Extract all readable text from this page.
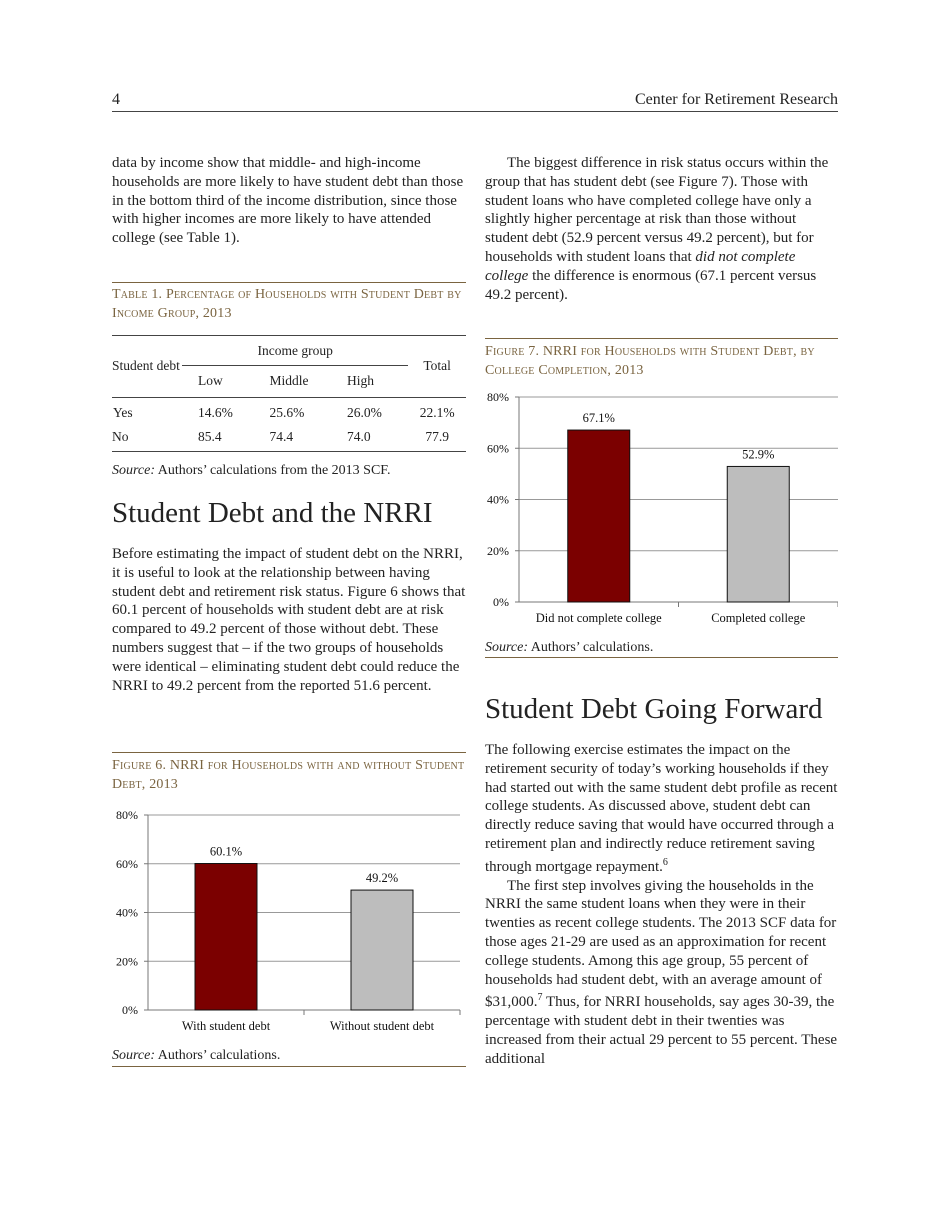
4	Center for Retirement Research

data by income show that middle- and high-income households are more likely to have student debt than those in the bottom third of the income distribution, since those with higher incomes are more likely to have attended college (see Table 1).

Table 1. Percentage of Households with Student Debt by Income Group, 2013
Student debt	Income group			Total
	Low	Middle	High	
Yes	14.6%	25.6%	26.0%	22.1%
No	85.4	74.4	74.0	77.9
Source: Authors’ calculations from the 2013 SCF.
Student Debt and the NRRI

Before estimating the impact of student debt on the NRRI, it is useful to look at the relationship between having student debt and retirement risk status. Figure 6 shows that 60.1 percent of households with student debt are at risk compared to 49.2 percent of those without debt. These numbers suggest that – if the two groups of households were identical – eliminating student debt could reduce the NRRI to 49.2 percent from the reported 51.6 percent.

Figure 6. NRRI for Households with and without Student Debt, 2013
0%
20%
40%
60%
80%
60.1%
With student debt
49.2%
Without student debt
Source: Authors’ calculations.

The biggest difference in risk status occurs within the group that has student debt (see Figure 7). Those with student loans who have completed college have only a slightly higher percentage at risk than those without student debt (52.9 percent versus 49.2 percent), but for households with student loans that did not complete college the difference is enormous (67.1 percent versus 49.2 percent).

Figure 7. NRRI for Households with Student Debt, by College Completion, 2013
0%
20%
40%
60%
80%
67.1%
Did not complete college
52.9%
Completed college
Source: Authors’ calculations.
Student Debt Going Forward

The following exercise estimates the impact on the retirement security of today’s working households if they had started out with the same student debt profile as recent college students. As discussed above, student debt can directly reduce saving that would have occurred through a retirement plan and indirectly reduce retirement saving through mortgage repayment.$^6$

The first step involves giving the households in the NRRI the same student loans when they were in their twenties as recent college students. The 2013 SCF data for those ages 21-29 are used as an approximation for recent college students. Among this age group, 55 percent of households had student debt, with an average amount of $31,000.$^7$ Thus, for NRRI households, say ages 30-39, the percentage with student debt in their twenties was increased from their actual 29 percent to 55 percent. These additional
